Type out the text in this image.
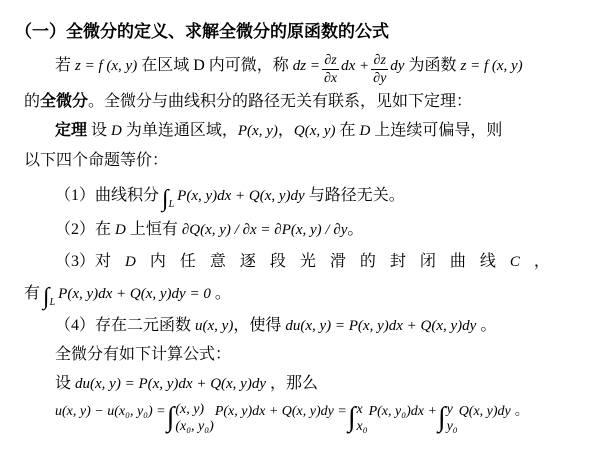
（一）全微分的定义、求解全微分的原函数的公式
若 z = f (x, y) 在区域 D 内可微，称 dz = $\frac{\partial z}{\partial x}$ dx + $\frac{\partial z}{\partial y}$ dy 为函数 z = f (x, y)
的全微分。全微分与曲线积分的路径无关有联系，见如下定理：
定理 设 D 为单连通区域，P(x, y)，Q(x, y) 在 D 上连续可偏导，则
以下四个命题等价：
（1）曲线积分 $\int_LP(x$, y)dx + Q(x, y)dy 与路径无关。
（2）在 D 上恒有 ∂Q(x, y) / ∂x = ∂P(x, y) / ∂y。
（3）对D内任意逐段光滑的封闭曲线C，
有 $\int_LP(x$, y)dx + Q(x, y)dy = 0 。
（4）存在二元函数 u(x, y)，使得 du(x, y) = P(x, y)dx + Q(x, y)dy 。
全微分有如下计算公式：
设 du(x, y) = P(x, y)dx + Q(x, y)dy ，那么
u(x, y) − u(x₀, y₀) = ∫ (x, y)
(x₀, y₀)
P(x, y)dx + Q(x, y)dy = ∫ x
x₀
P(x, y₀)dx + ∫ y
y₀
Q(x, y)dy 。
